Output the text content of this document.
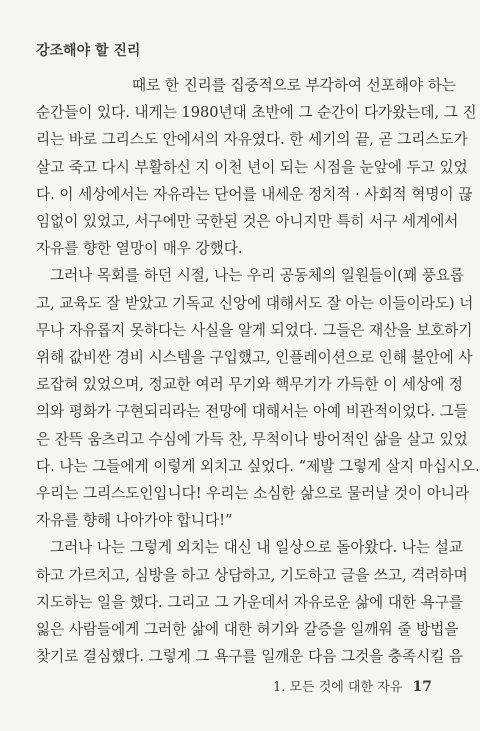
강조해야 할 진리
때로 한 진리를 집중적으로 부각하여 선포해야 하는
순간들이 있다. 내게는 1980년대 초반에 그 순간이 다가왔는데, 그 진
리는 바로 그리스도 안에서의 자유였다. 한 세기의 끝, 곧 그리스도가
살고 죽고 다시 부활하신 지 이천 년이 되는 시점을 눈앞에 두고 있었
다. 이 세상에서는 자유라는 단어를 내세운 정치적 · 사회적 혁명이 끊
임없이 있었고, 서구에만 국한된 것은 아니지만 특히 서구 세계에서
자유를 향한 열망이 매우 강했다.
그러나 목회를 하던 시절, 나는 우리 공동체의 일원들이(꽤 풍요롭
고, 교육도 잘 받았고 기독교 신앙에 대해서도 잘 아는 이들이라도) 너
무나 자유롭지 못하다는 사실을 알게 되었다. 그들은 재산을 보호하기
위해 값비싼 경비 시스템을 구입했고, 인플레이션으로 인해 불안에 사
로잡혀 있었으며, 정교한 여러 무기와 핵무기가 가득한 이 세상에 정
의와 평화가 구현되리라는 전망에 대해서는 아예 비관적이었다. 그들
은 잔뜩 움츠리고 수심에 가득 찬, 무척이나 방어적인 삶을 살고 있었
다. 나는 그들에게 이렇게 외치고 싶었다. “제발 그렇게 살지 마십시오.
우리는 그리스도인입니다! 우리는 소심한 삶으로 물러날 것이 아니라
자유를 향해 나아가야 합니다!”
그러나 나는 그렇게 외치는 대신 내 일상으로 돌아왔다. 나는 설교
하고 가르치고, 심방을 하고 상담하고, 기도하고 글을 쓰고, 격려하며
지도하는 일을 했다. 그리고 그 가운데서 자유로운 삶에 대한 욕구를
잃은 사람들에게 그러한 삶에 대한 허기와 갈증을 일깨워 줄 방법을
찾기로 결심했다. 그렇게 그 욕구를 일깨운 다음 그것을 충족시킬 음
1. 모든 것에 대한 자유 17
